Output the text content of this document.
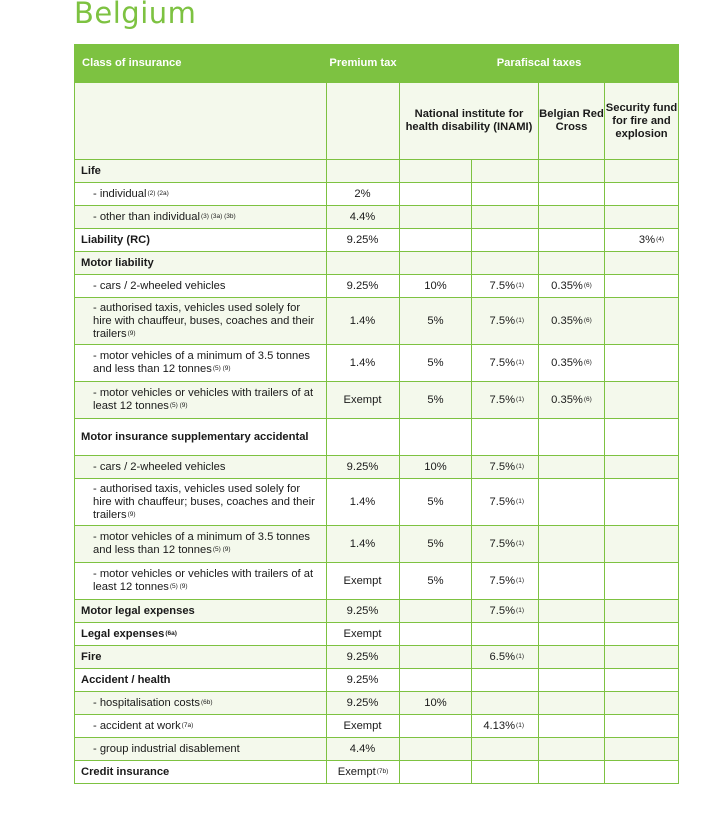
Belgium
Class of insurance	Premium tax	Parafiscal taxes			
		National institute for health disability (INAMI)		Belgian Red Cross	Security fund for fire and explosion
Life					
- individual$^{(2) (2a)}$	2%				
- other than individual$^{(3) (3a) (3b)}$	4.4%				
Liability (RC)	9.25%				3%$^{(4)}$
Motor liability					
- cars / 2-wheeled vehicles	9.25%	10%	7.5%$^{(1)}$	0.35%$^{(6)}$	
- authorised taxis, vehicles used solely for hire with chauffeur, buses, coaches and their trailers$^{(9)}$	1.4%	5%	7.5%$^{(1)}$	0.35%$^{(6)}$	
- motor vehicles of a minimum of 3.5 tonnes and less than 12 tonnes$^{(5) (9)}$	1.4%	5%	7.5%$^{(1)}$	0.35%$^{(6)}$	
- motor vehicles or vehicles with trailers of at least 12 tonnes$^{(5) (9)}$	Exempt	5%	7.5%$^{(1)}$	0.35%$^{(6)}$	
Motor insurance supplementary accidental					
- cars / 2-wheeled vehicles	9.25%	10%	7.5%$^{(1)}$		
- authorised taxis, vehicles used solely for hire with chauffeur; buses, coaches and their trailers$^{(9)}$	1.4%	5%	7.5%$^{(1)}$		
- motor vehicles of a minimum of 3.5 tonnes and less than 12 tonnes$^{(5) (9)}$	1.4%	5%	7.5%$^{(1)}$		
- motor vehicles or vehicles with trailers of at least 12 tonnes$^{(5) (9)}$	Exempt	5%	7.5%$^{(1)}$		
Motor legal expenses	9.25%		7.5%$^{(1)}$		
Legal expenses$^{(6a)}$	Exempt				
Fire	9.25%		6.5%$^{(1)}$		
Accident / health	9.25%				
- hospitalisation costs$^{(6b)}$	9.25%	10%			
- accident at work$^{(7a)}$	Exempt		4.13%$^{(1)}$		
- group industrial disablement	4.4%				
Credit insurance	Exempt$^{(7b)}$				
